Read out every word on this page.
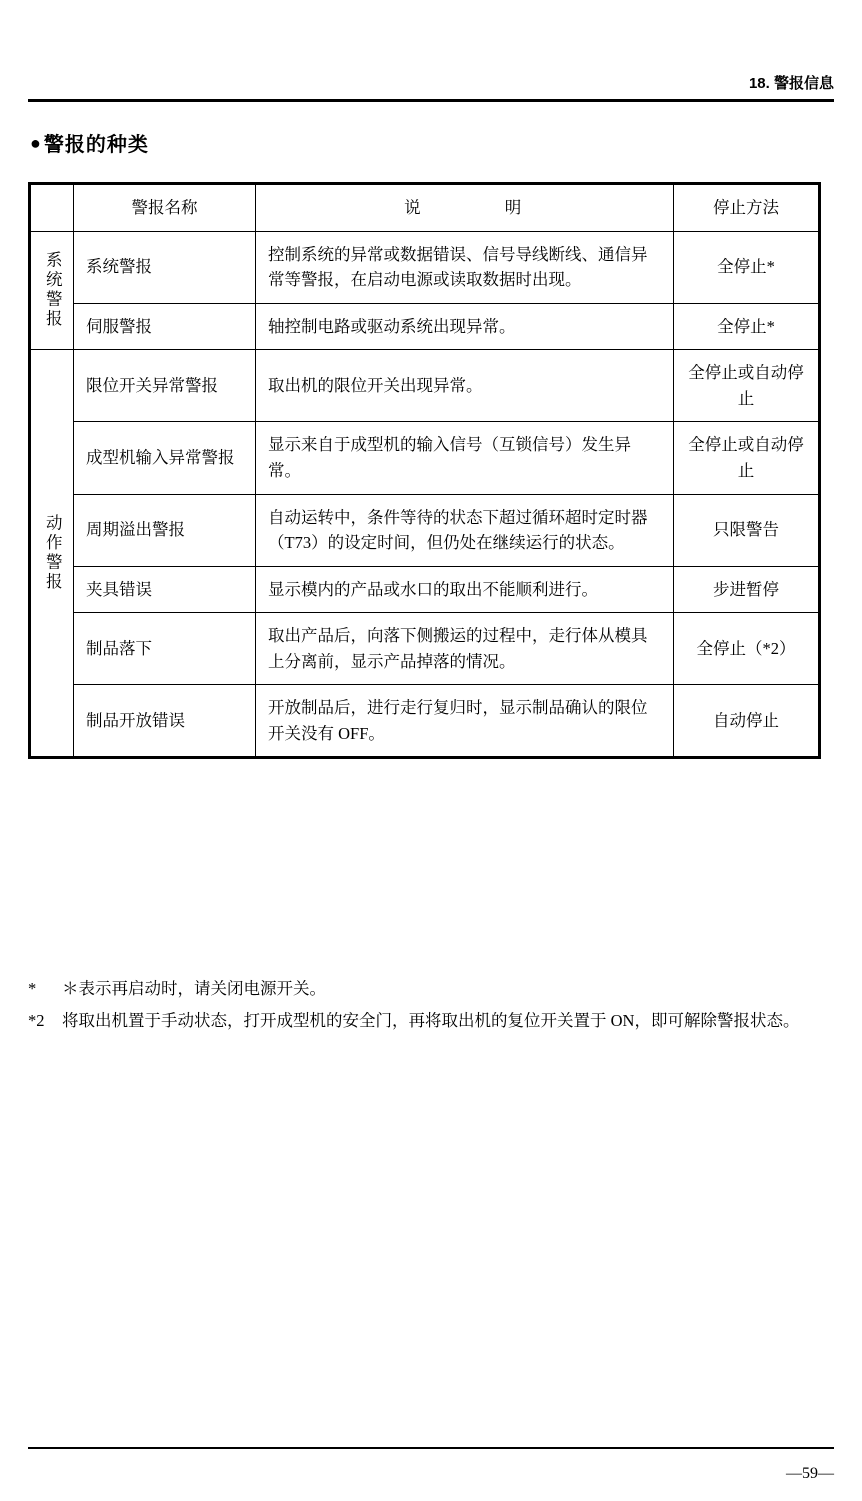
18. 警报信息
● 警报的种类
	警报名称	说　　　　明	停止方法

系统警报	系统警报	控制系统的异常或数据错误、信号导线断线、通信异常等警报，在启动电源或读取数据时出现。	全停止*
	伺服警报	轴控制电路或驱动系统出现异常。	全停止*

动作警报	限位开关异常警报	取出机的限位开关出现异常。	全停止或自动停止
	成型机输入异常警报	显示来自于成型机的输入信号（互锁信号）发生异常。	全停止或自动停止
	周期溢出警报	自动运转中，条件等待的状态下超过循环超时定时器（T73）的设定时间，但仍处在继续运行的状态。	只限警告
	夹具错误	显示模内的产品或水口的取出不能顺利进行。	步进暂停
	制品落下	取出产品后，向落下侧搬运的过程中，走行体从模具上分离前，显示产品掉落的情况。	全停止（*2）
	制品开放错误	开放制品后，进行走行复归时，显示制品确认的限位开关没有 OFF。	自动停止
*	＊表示再启动时，请关闭电源开关。
*2	将取出机置于手动状态，打开成型机的安全门，再将取出机的复位开关置于 ON，即可解除警报状态。
—59—
